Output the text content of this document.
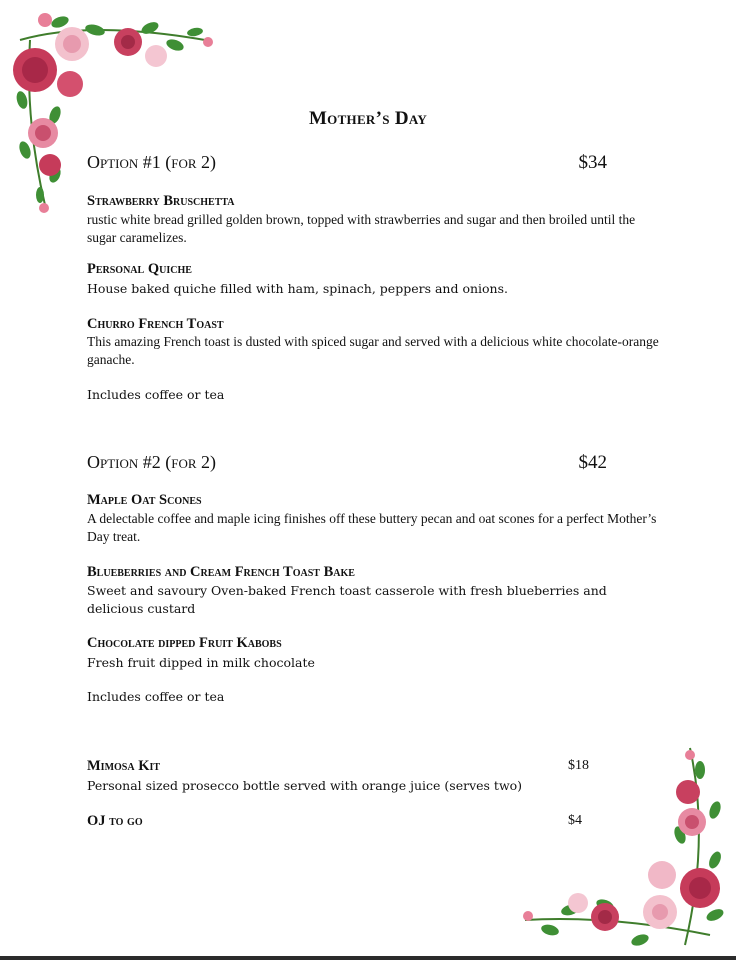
Mother’s Day
Option #1 (for 2)	$34
Strawberry Bruschetta
rustic white bread grilled golden brown, topped with strawberries and sugar and then broiled until the sugar caramelizes.
Personal Quiche
House baked quiche filled with ham, spinach, peppers and onions.
Churro French Toast
This amazing French toast is dusted with spiced sugar and served with a delicious white chocolate-orange ganache.
Includes coffee or tea
Option #2 (for 2)	$42
Maple Oat Scones
A delectable coffee and maple icing finishes off these buttery pecan and oat scones for a perfect Mother’s Day treat.
Blueberries and Cream French Toast Bake
Sweet and savoury Oven-baked French toast casserole with fresh blueberries and delicious custard
Chocolate dipped Fruit Kabobs
Fresh fruit dipped in milk chocolate
Includes coffee or tea
Mimosa Kit	$18
Personal sized prosecco bottle served with orange juice (serves two)
OJ to go	$4
